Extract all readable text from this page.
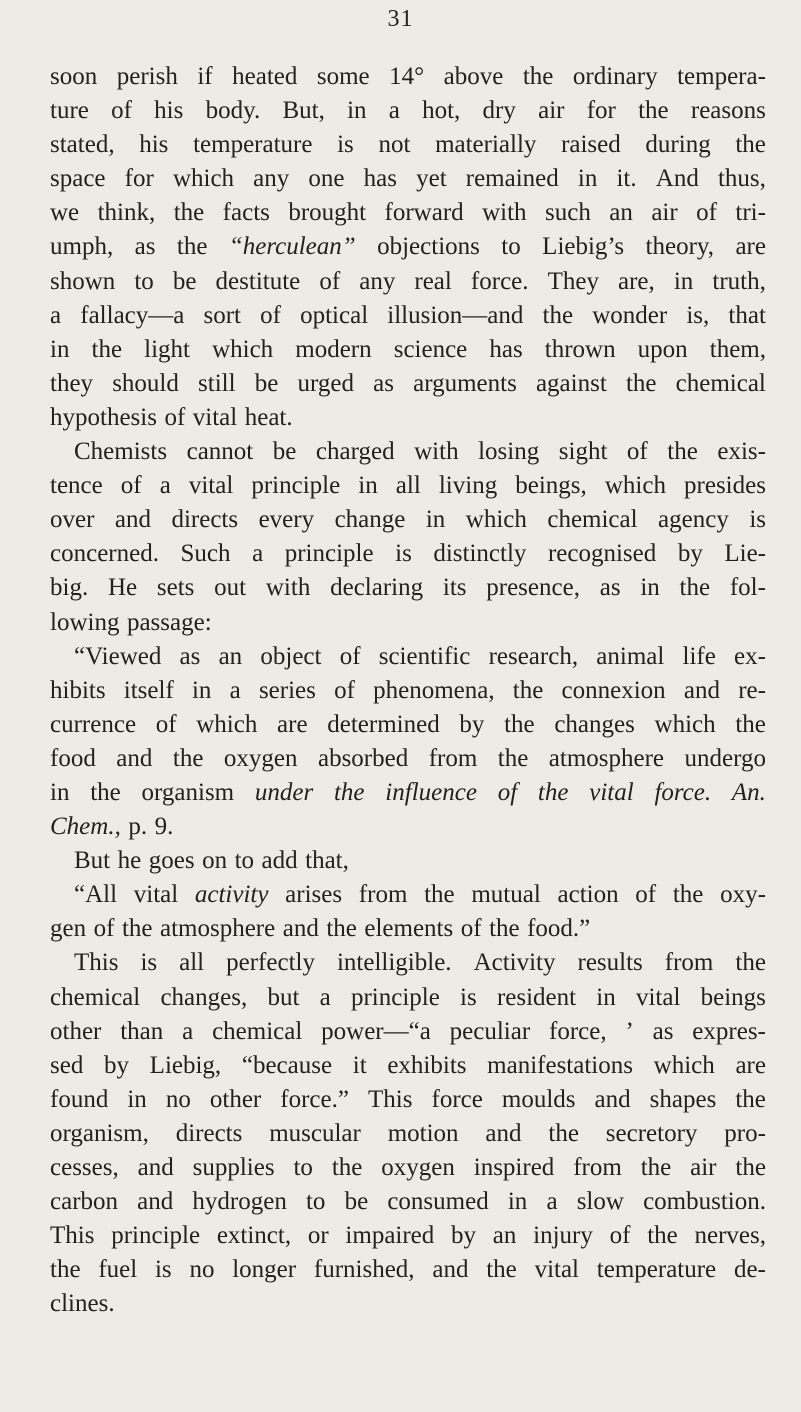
31
soon perish if heated some 14° above the ordinary tempera-
ture of his body. But, in a hot, dry air for the reasons
stated, his temperature is not materially raised during the
space for which any one has yet remained in it. And thus,
we think, the facts brought forward with such an air of tri-
umph, as the “herculean” objections to Liebig’s theory, are
shown to be destitute of any real force. They are, in truth,
a fallacy—a sort of optical illusion—and the wonder is, that
in the light which modern science has thrown upon them,
they should still be urged as arguments against the chemical
hypothesis of vital heat.
Chemists cannot be charged with losing sight of the exis-
tence of a vital principle in all living beings, which presides
over and directs every change in which chemical agency is
concerned. Such a principle is distinctly recognised by Lie-
big. He sets out with declaring its presence, as in the fol-
lowing passage:
“Viewed as an object of scientific research, animal life ex-
hibits itself in a series of phenomena, the connexion and re-
currence of which are determined by the changes which the
food and the oxygen absorbed from the atmosphere undergo
in the organism under the influence of the vital force. An.
Chem., p. 9.
But he goes on to add that,
“All vital activity arises from the mutual action of the oxy-
gen of the atmosphere and the elements of the food.”
This is all perfectly intelligible. Activity results from the
chemical changes, but a principle is resident in vital beings
other than a chemical power—“a peculiar force, ’ as expres-
sed by Liebig, “because it exhibits manifestations which are
found in no other force.” This force moulds and shapes the
organism, directs muscular motion and the secretory pro-
cesses, and supplies to the oxygen inspired from the air the
carbon and hydrogen to be consumed in a slow combustion.
This principle extinct, or impaired by an injury of the nerves,
the fuel is no longer furnished, and the vital temperature de-
clines.
